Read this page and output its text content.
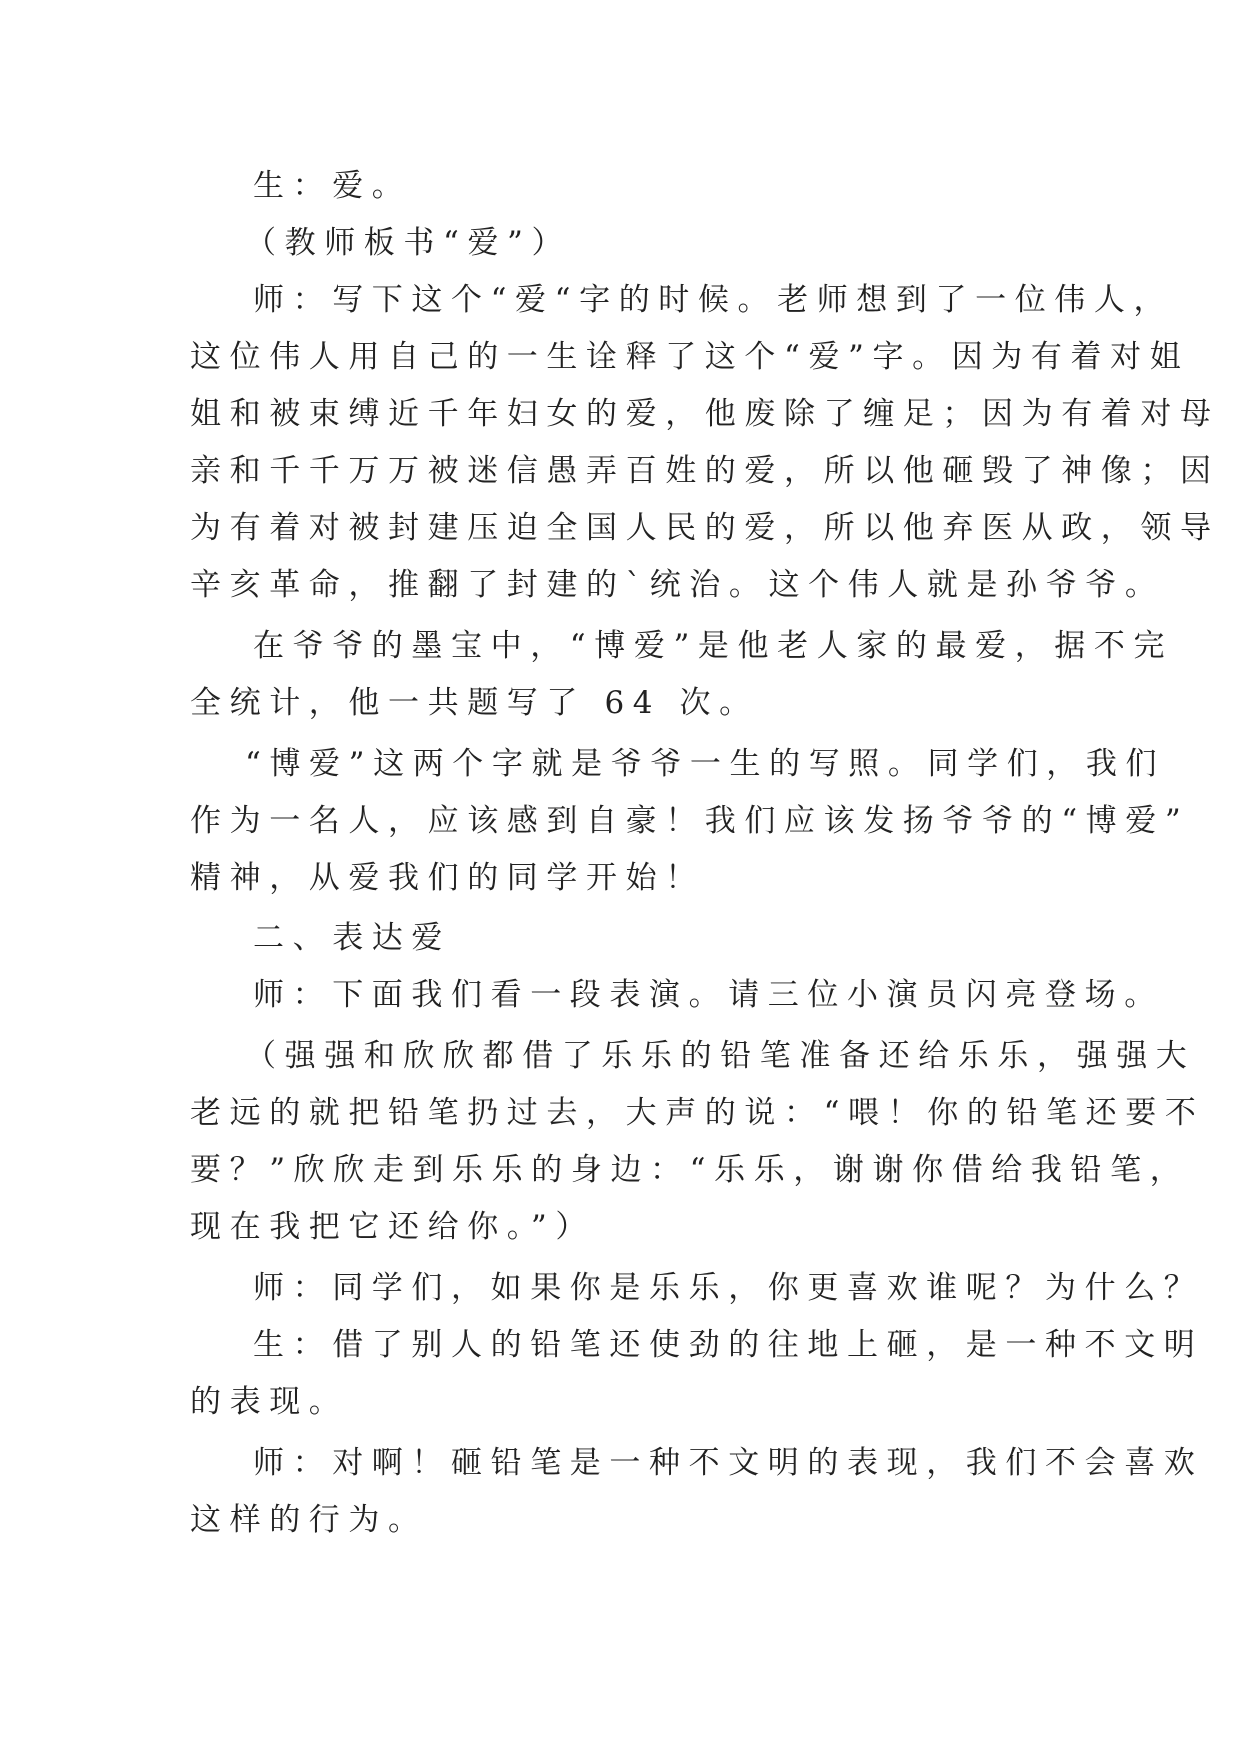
生：爱。
（教师板书“爱”）
师：写下这个“爱“字的时候。老师想到了一位伟人，
这位伟人用自己的一生诠释了这个“爱”字。因为有着对姐
姐和被束缚近千年妇女的爱，他废除了缠足；因为有着对母
亲和千千万万被迷信愚弄百姓的爱，所以他砸毁了神像；因
为有着对被封建压迫全国人民的爱，所以他弃医从政，领导
辛亥革命，推翻了封建的`统治。这个伟人就是孙爷爷。
在爷爷的墨宝中，“博爱”是他老人家的最爱，据不完
全统计，他一共题写了 64 次。
“博爱”这两个字就是爷爷一生的写照。同学们，我们
作为一名人，应该感到自豪！我们应该发扬爷爷的“博爱”
精神，从爱我们的同学开始！
二、表达爱
师：下面我们看一段表演。请三位小演员闪亮登场。
（强强和欣欣都借了乐乐的铅笔准备还给乐乐，强强大
老远的就把铅笔扔过去，大声的说：“喂！你的铅笔还要不
要？”欣欣走到乐乐的身边：“乐乐，谢谢你借给我铅笔，
现在我把它还给你。”）
师：同学们，如果你是乐乐，你更喜欢谁呢？为什么？
生：借了别人的铅笔还使劲的往地上砸，是一种不文明
的表现。
师：对啊！砸铅笔是一种不文明的表现，我们不会喜欢
这样的行为。
